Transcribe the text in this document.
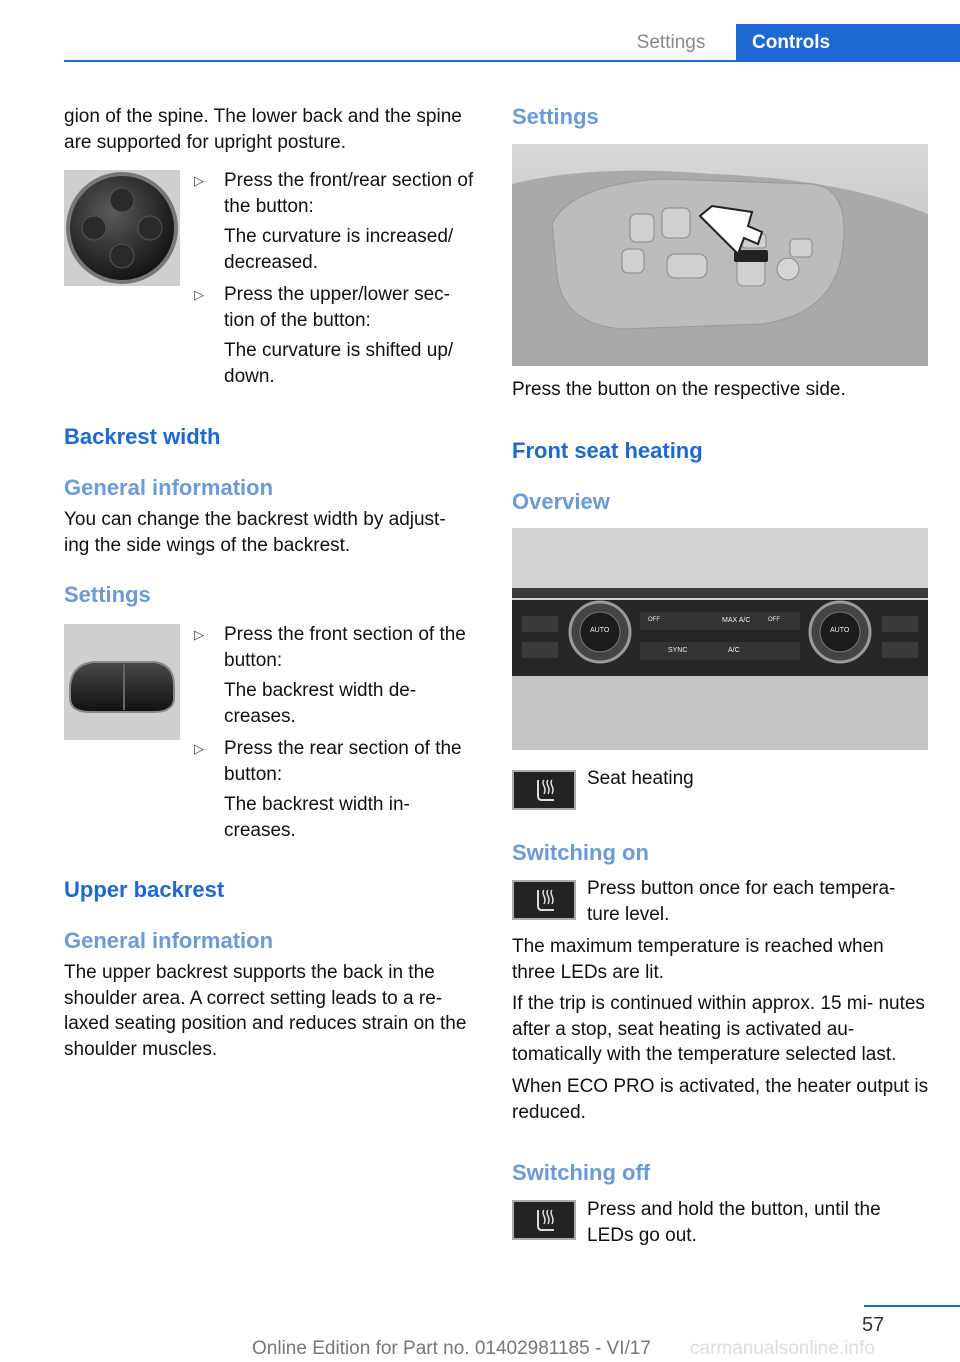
Settings	Controls
gion of the spine. The lower back and the spine are supported for upright posture.
▷ Press the front/rear section of the button:
The curvature is increased/ decreased.
▷ Press the upper/lower sec- tion of the button:
The curvature is shifted up/ down.
Backrest width
General information
You can change the backrest width by adjust- ing the side wings of the backrest.
Settings
▷ Press the front section of the button:
The backrest width de- creases.
▷ Press the rear section of the button:
The backrest width in- creases.
Upper backrest
General information
The upper backrest supports the back in the shoulder area. A correct setting leads to a re- laxed seating position and reduces strain on the shoulder muscles.
Settings
Press the button on the respective side.
Front seat heating
Overview
AUTO	AUTO
MAX A/C
SYNC	A/C
OFF	OFF
Seat heating
Switching on
Press button once for each tempera- ture level.
The maximum temperature is reached when three LEDs are lit.
If the trip is continued within approx. 15 mi- nutes after a stop, seat heating is activated au- tomatically with the temperature selected last.
When ECO PRO is activated, the heater output is reduced.
Switching off
Press and hold the button, until the LEDs go out.
57
Online Edition for Part no. 01402981185 - VI/17 carmanualsonline.info
